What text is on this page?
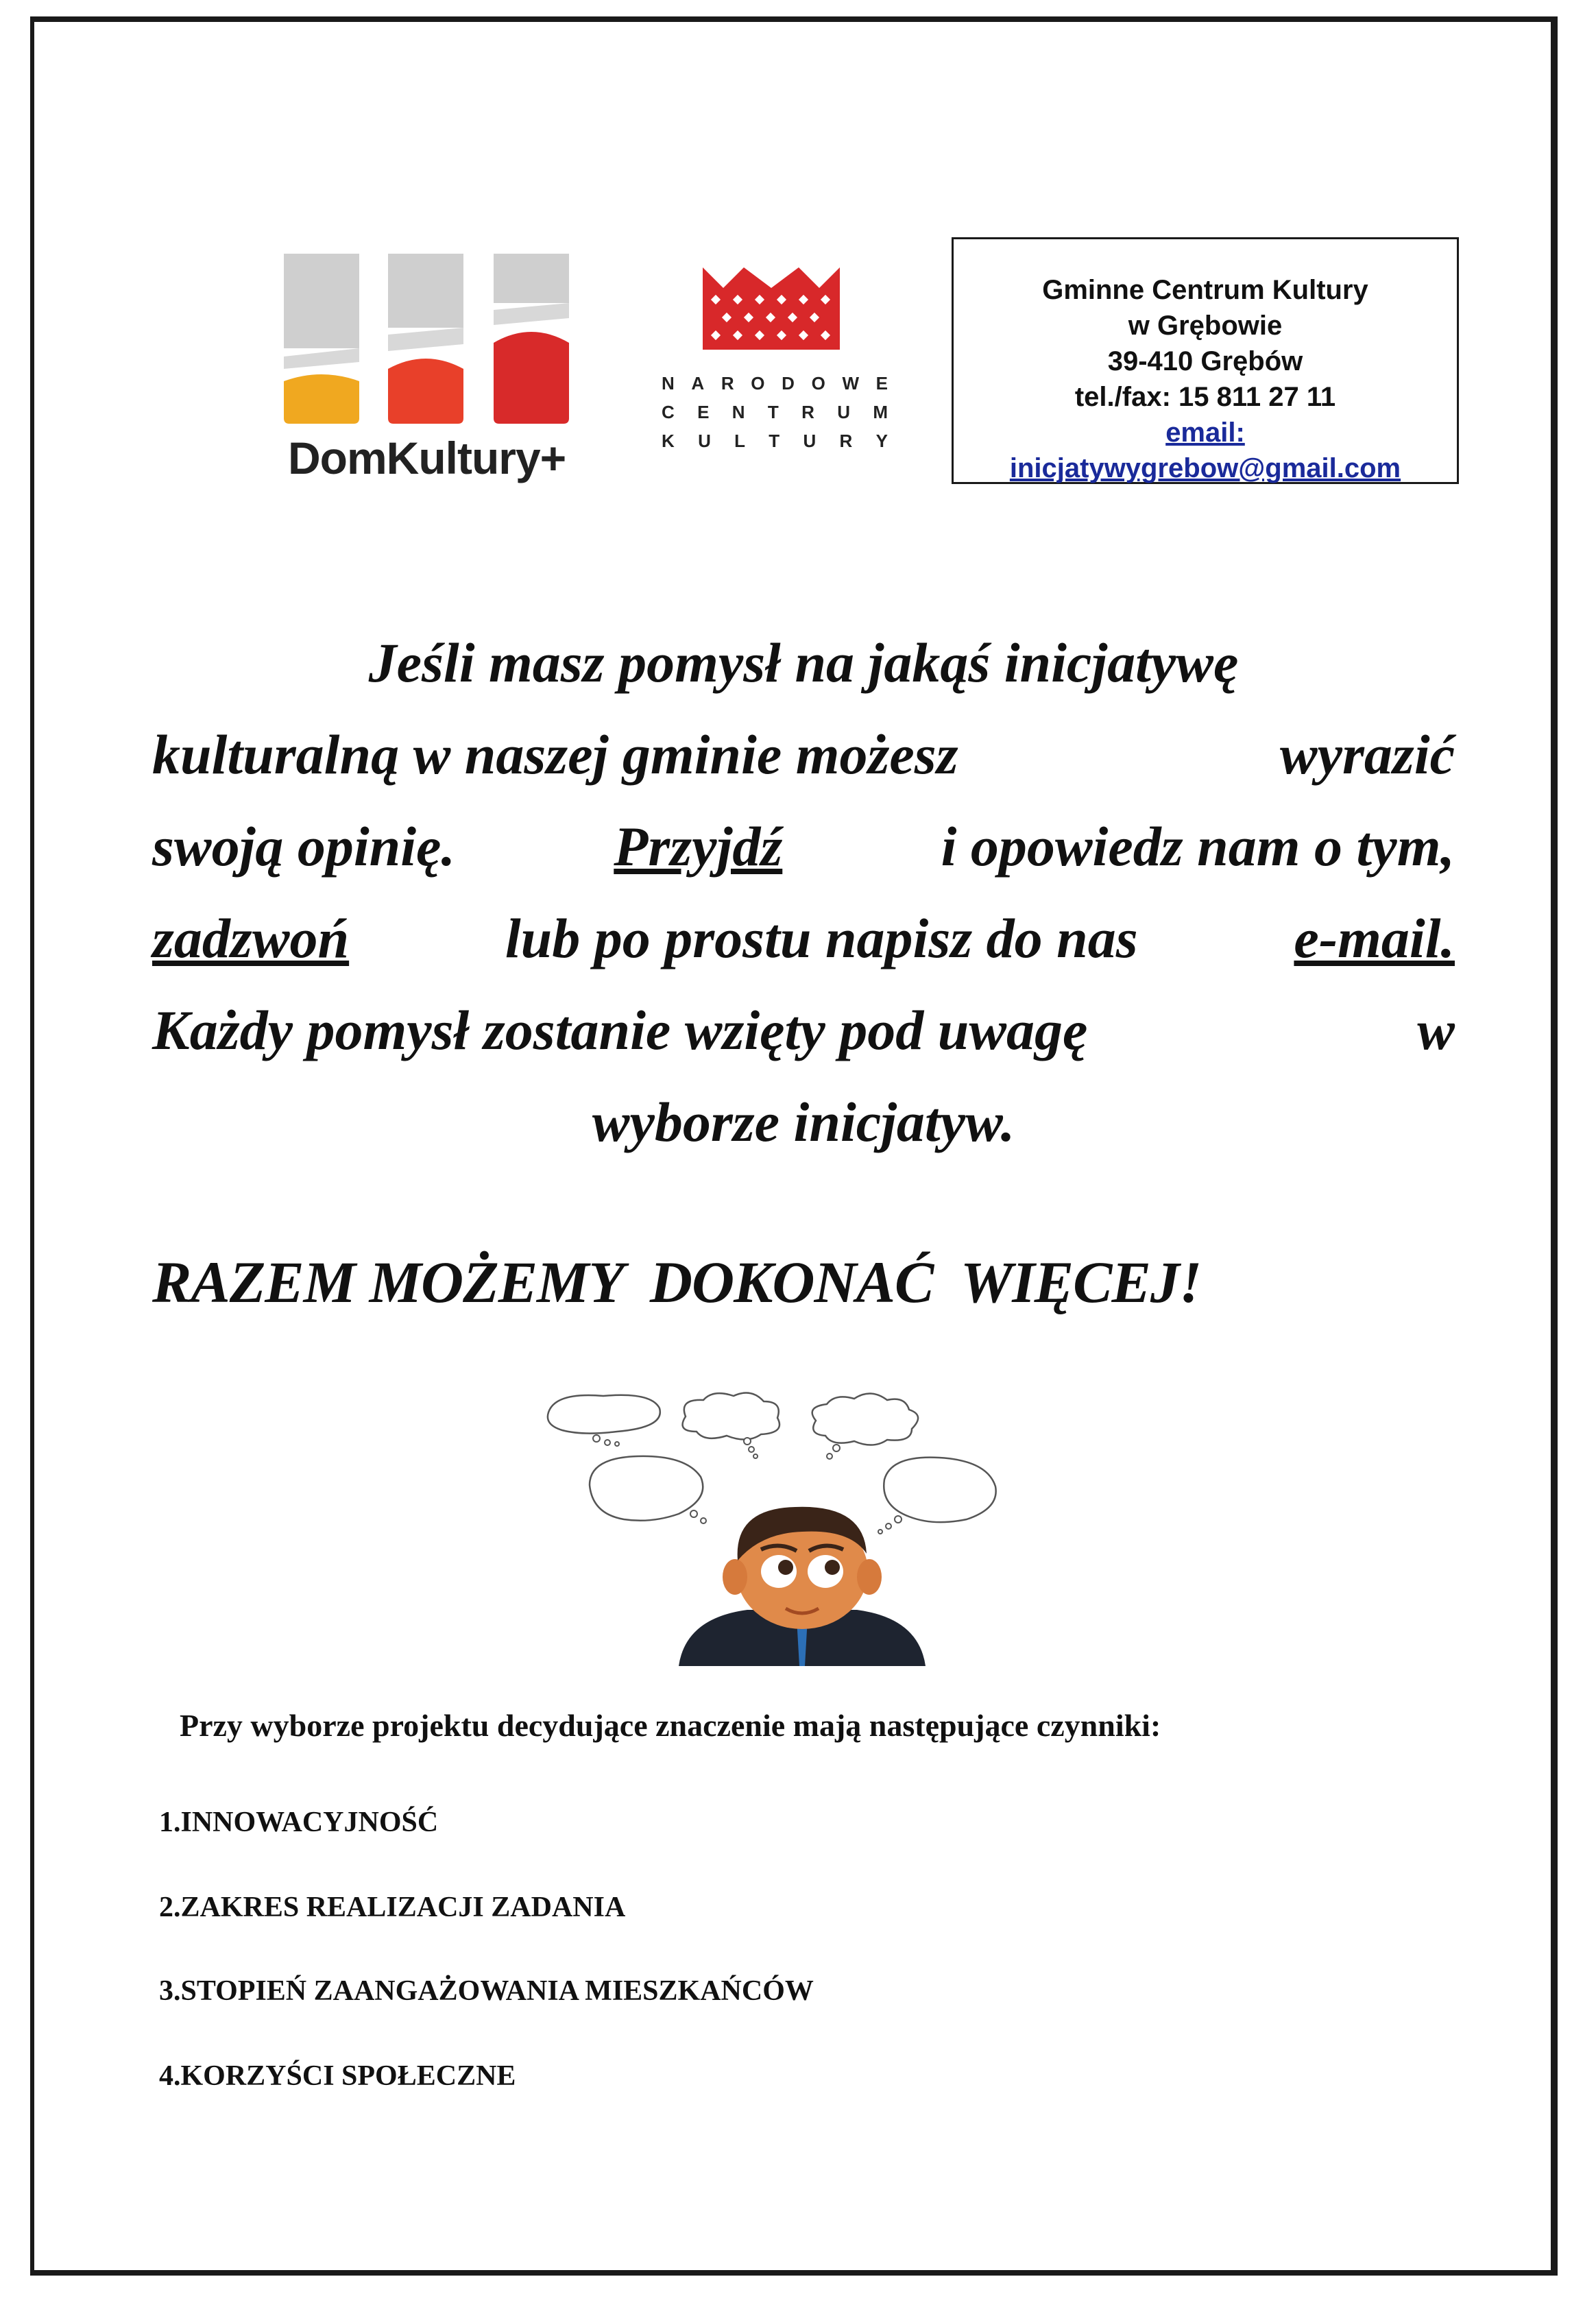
DomKultury+
N A R O D O W E
C E N T R U M
K U L T U R Y
Gminne Centrum Kultury
w Grębowie
39-410 Grębów
tel./fax: 15 811 27 11
email:
inicjatywygrebow@gmail.com
Jeśli masz pomysł na jakąś inicjatywę
kulturalną w naszej gminie możesz	wyrazić
swoją opinię.	Przyjdź	i opowiedz nam o tym,
zadzwoń	lub po prostu napisz do nas	e-mail.
Każdy pomysł zostanie wzięty pod uwagę	w
wyborze inicjatyw.
RAZEM MOŻEMY  DOKONAĆ  WIĘCEJ!
Przy wyborze projektu decydujące znaczenie mają następujące czynniki:
1.INNOWACYJNOŚĆ
2.ZAKRES REALIZACJI ZADANIA
3.STOPIEŃ ZAANGAŻOWANIA MIESZKAŃCÓW
4.KORZYŚCI SPOŁECZNE
